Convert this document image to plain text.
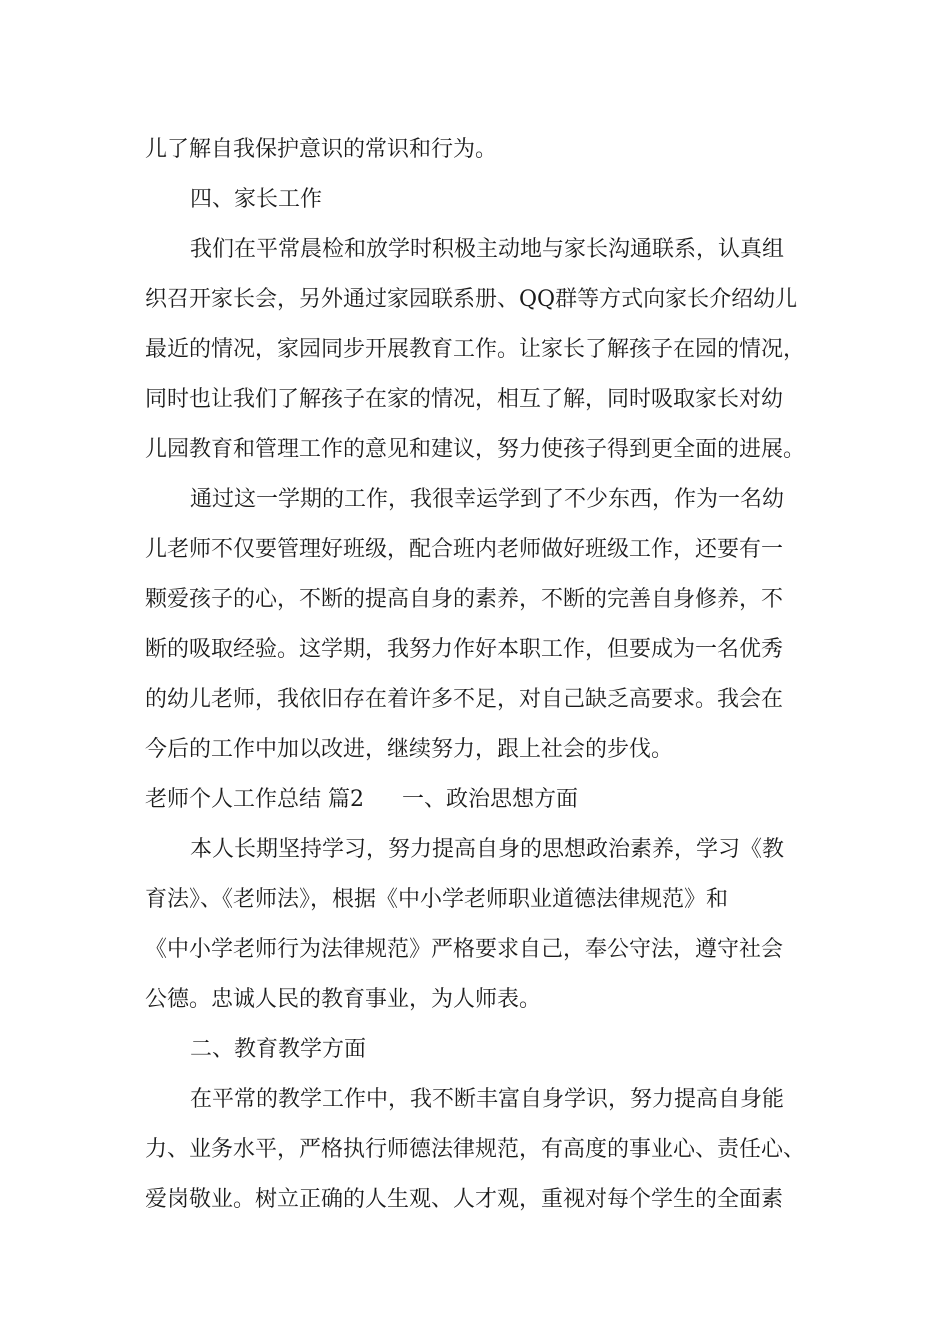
儿了解自我保护意识的常识和行为。
四、家长工作
我们在平常晨检和放学时积极主动地与家长沟通联系，认真组
织召开家长会，另外通过家园联系册、QQ群等方式向家长介绍幼儿
最近的情况，家园同步开展教育工作。让家长了解孩子在园的情况，
同时也让我们了解孩子在家的情况，相互了解，同时吸取家长对幼
儿园教育和管理工作的意见和建议，努力使孩子得到更全面的进展。
通过这一学期的工作，我很幸运学到了不少东西，作为一名幼
儿老师不仅要管理好班级，配合班内老师做好班级工作，还要有一
颗爱孩子的心，不断的提高自身的素养，不断的完善自身修养，不
断的吸取经验。这学期，我努力作好本职工作，但要成为一名优秀
的幼儿老师，我依旧存在着许多不足，对自己缺乏高要求。我会在
今后的工作中加以改进，继续努力，跟上社会的步伐。
老师个人工作总结 篇2 一、政治思想方面
本人长期坚持学习，努力提高自身的思想政治素养，学习《教
育法》、《老师法》，根据《中小学老师职业道德法律规范》和
《中小学老师行为法律规范》严格要求自己，奉公守法，遵守社会
公德。忠诚人民的教育事业，为人师表。
二、教育教学方面
在平常的教学工作中，我不断丰富自身学识，努力提高自身能
力、业务水平，严格执行师德法律规范，有高度的事业心、责任心、
爱岗敬业。树立正确的人生观、人才观，重视对每个学生的全面素
